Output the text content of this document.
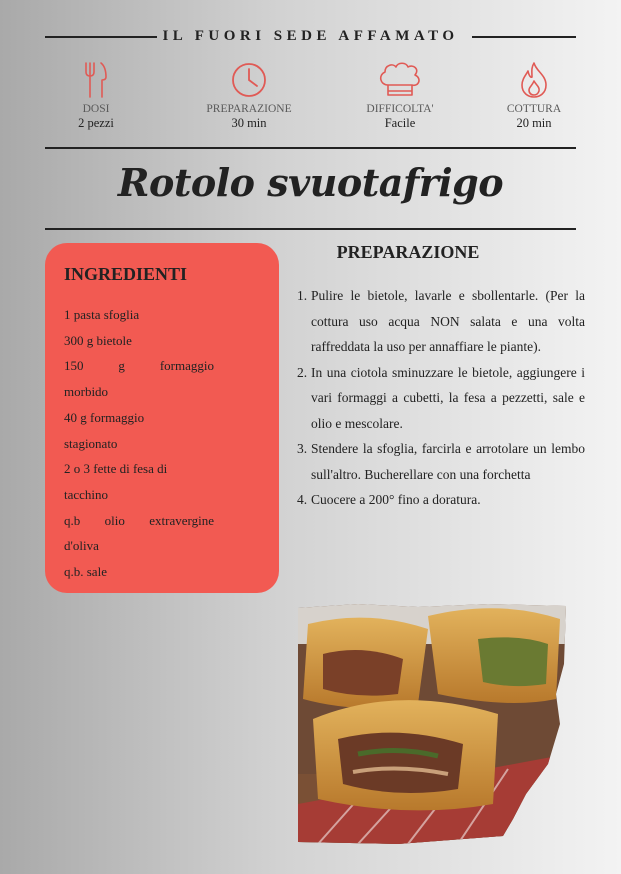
IL FUORI SEDE AFFAMATO
DOSI
2 pezzi
PREPARAZIONE
30 min
DIFFICOLTA'
Facile
COTTURA
20 min
Rotolo svuotafrigo
INGREDIENTI
1 pasta sfoglia
300 g bietole
150 g formaggio
morbido
40 g formaggio
stagionato
2 o 3 fette di fesa di
tacchino
q.b olio extravergine
d'oliva
q.b. sale
PREPARAZIONE
1. Pulire le bietole, lavarle e sbollentarle. (Per la cottura uso acqua NON salata e una volta raffreddata la uso per annaffiare le piante).
2. In una ciotola sminuzzare le bietole, aggiungere i vari formaggi a cubetti, la fesa a pezzetti, sale e olio e mescolare.
3. Stendere la sfoglia, farcirla e arrotolare un lembo sull'altro. Bucherellare con una forchetta
4. Cuocere a 200° fino a doratura.
